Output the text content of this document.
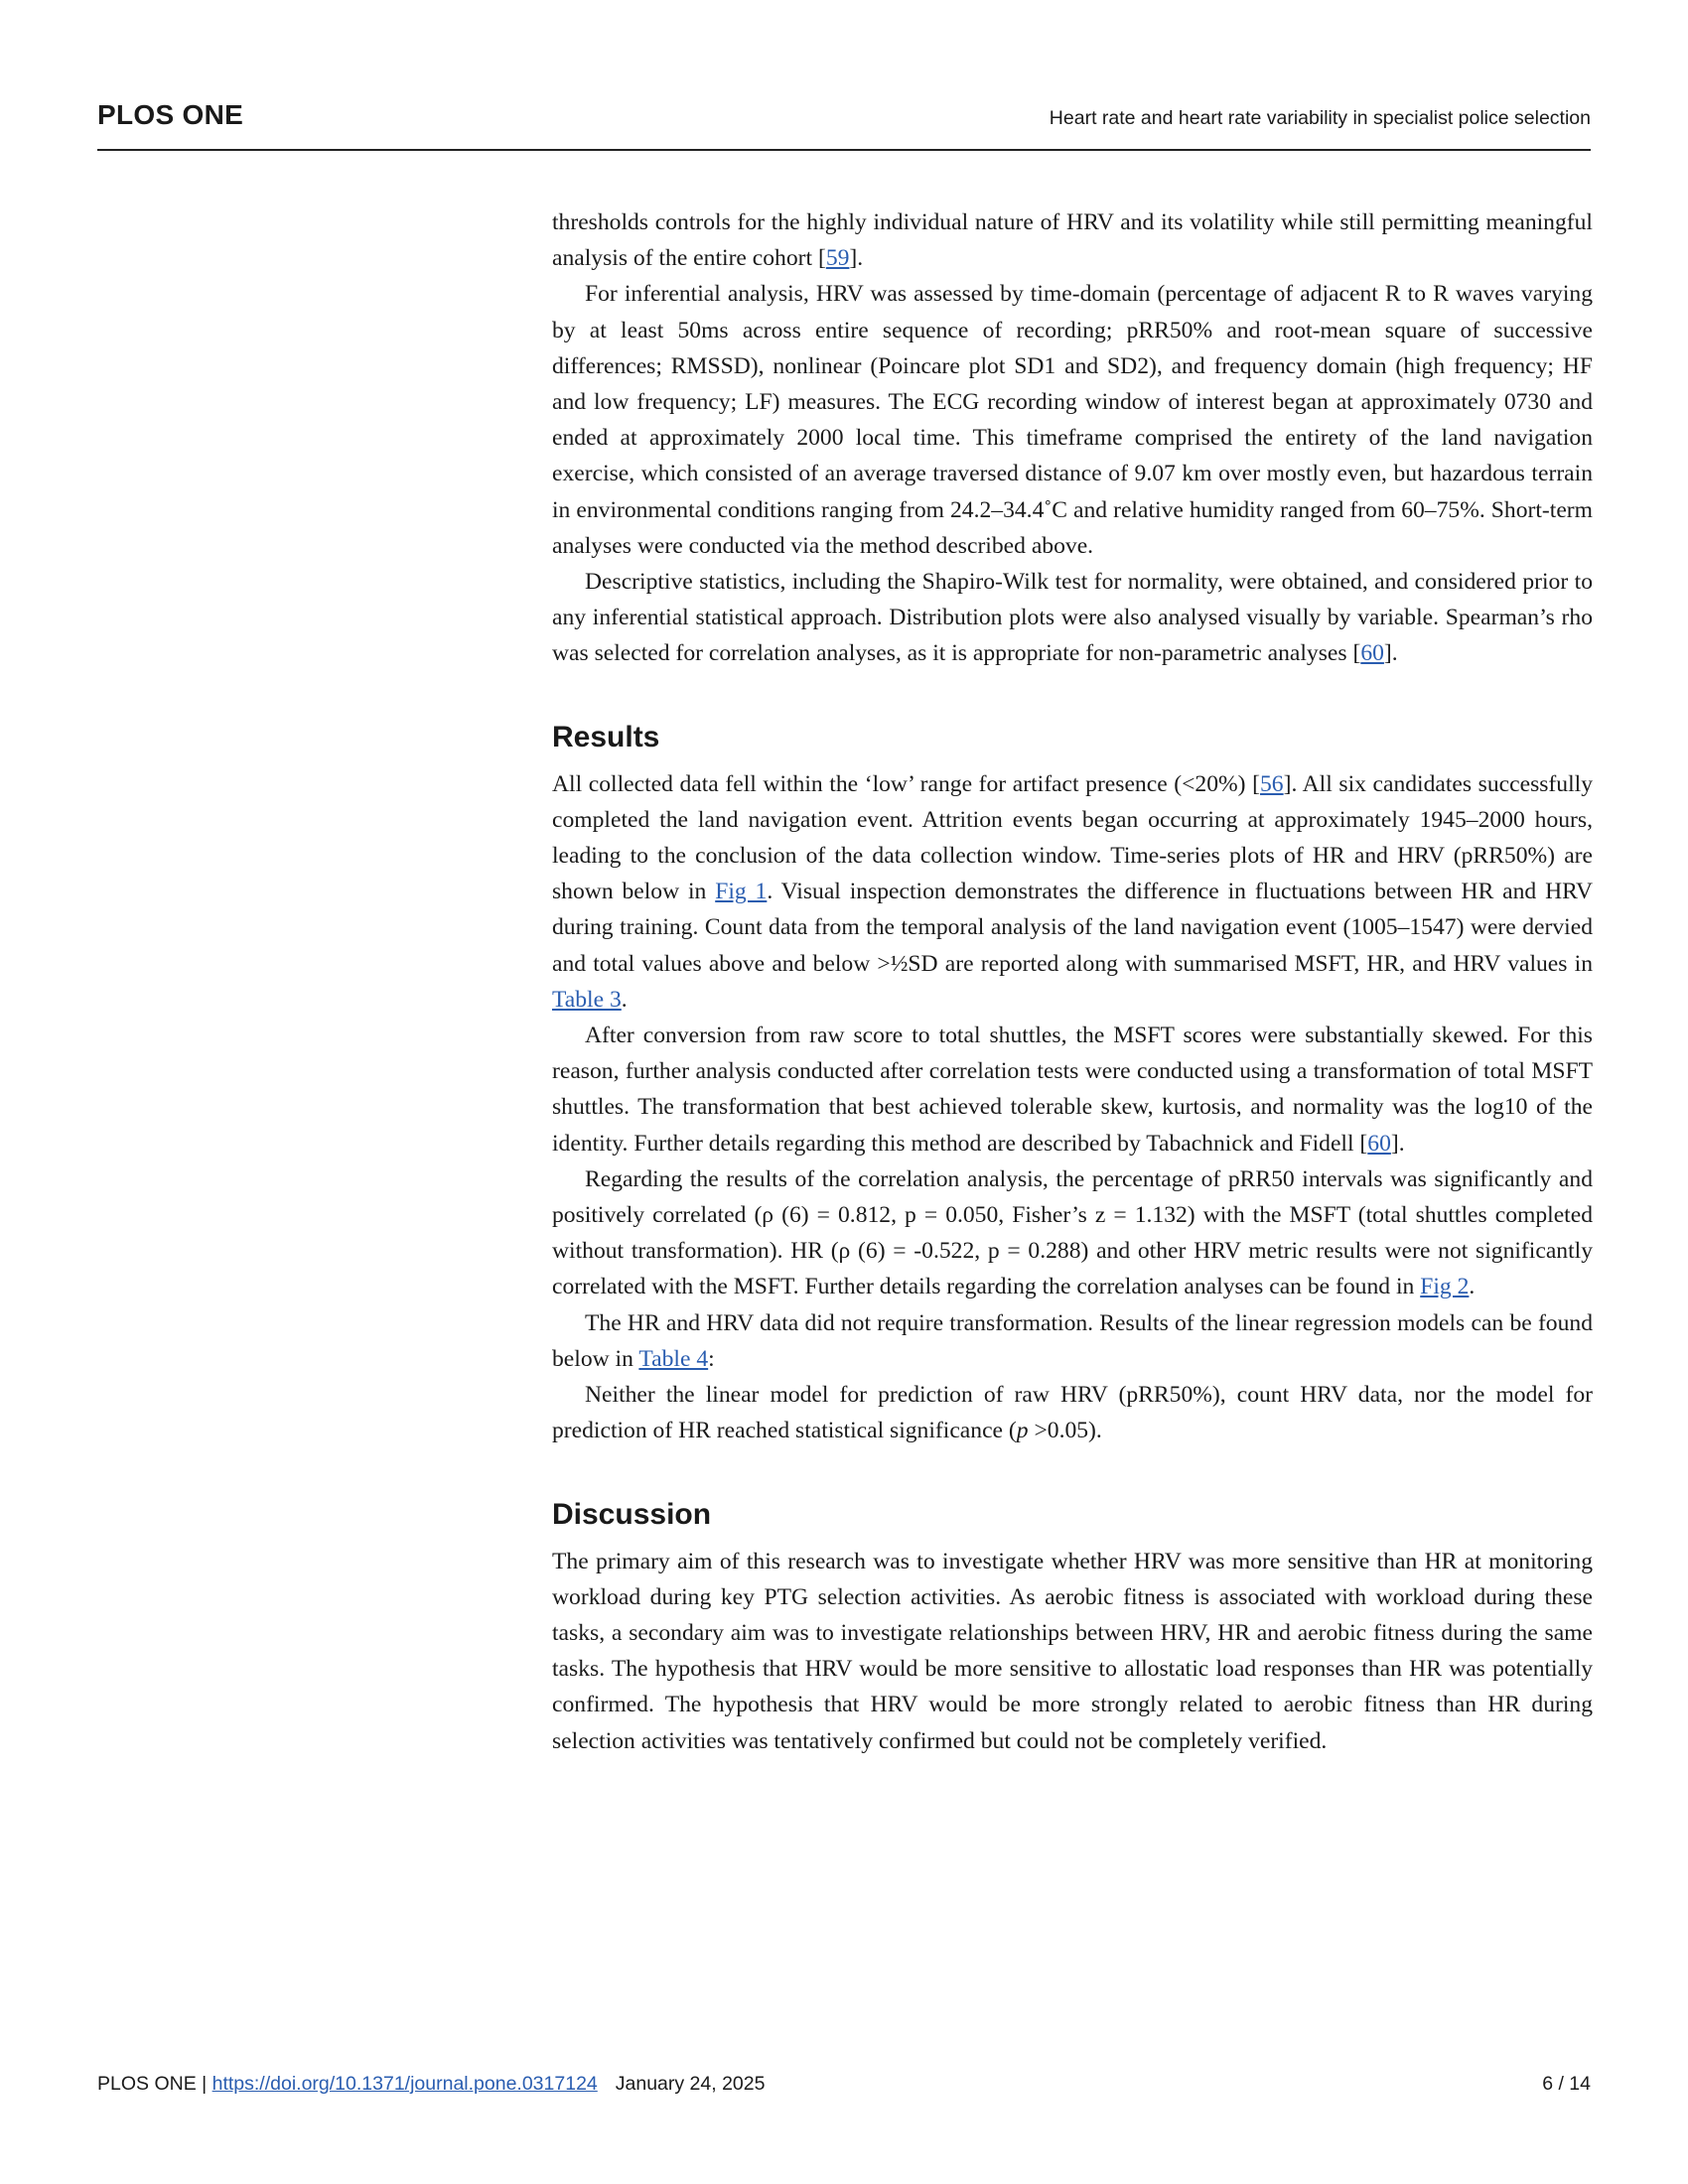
PLOS ONE	Heart rate and heart rate variability in specialist police selection

thresholds controls for the highly individual nature of HRV and its volatility while still permitting meaningful analysis of the entire cohort [59].

For inferential analysis, HRV was assessed by time-domain (percentage of adjacent R to R waves varying by at least 50ms across entire sequence of recording; pRR50% and root-mean square of successive differences; RMSSD), nonlinear (Poincare plot SD1 and SD2), and frequency domain (high frequency; HF and low frequency; LF) measures. The ECG recording window of interest began at approximately 0730 and ended at approximately 2000 local time. This timeframe comprised the entirety of the land navigation exercise, which consisted of an average traversed distance of 9.07 km over mostly even, but hazardous terrain in environmental conditions ranging from 24.2–34.4˚C and relative humidity ranged from 60–75%. Short-term analyses were conducted via the method described above.

Descriptive statistics, including the Shapiro-Wilk test for normality, were obtained, and considered prior to any inferential statistical approach. Distribution plots were also analysed visually by variable. Spearman’s rho was selected for correlation analyses, as it is appropriate for non-parametric analyses [60].

Results

All collected data fell within the ‘low’ range for artifact presence (<20%) [56]. All six candidates successfully completed the land navigation event. Attrition events began occurring at approximately 1945–2000 hours, leading to the conclusion of the data collection window. Time-series plots of HR and HRV (pRR50%) are shown below in Fig 1. Visual inspection demonstrates the difference in fluctuations between HR and HRV during training. Count data from the temporal analysis of the land navigation event (1005–1547) were dervied and total values above and below >½SD are reported along with summarised MSFT, HR, and HRV values in Table 3.

After conversion from raw score to total shuttles, the MSFT scores were substantially skewed. For this reason, further analysis conducted after correlation tests were conducted using a transformation of total MSFT shuttles. The transformation that best achieved tolerable skew, kurtosis, and normality was the log10 of the identity. Further details regarding this method are described by Tabachnick and Fidell [60].

Regarding the results of the correlation analysis, the percentage of pRR50 intervals was significantly and positively correlated (ρ (6) = 0.812, p = 0.050, Fisher’s z = 1.132) with the MSFT (total shuttles completed without transformation). HR (ρ (6) = -0.522, p = 0.288) and other HRV metric results were not significantly correlated with the MSFT. Further details regarding the correlation analyses can be found in Fig 2.

The HR and HRV data did not require transformation. Results of the linear regression models can be found below in Table 4:

Neither the linear model for prediction of raw HRV (pRR50%), count HRV data, nor the model for prediction of HR reached statistical significance (p >0.05).

Discussion

The primary aim of this research was to investigate whether HRV was more sensitive than HR at monitoring workload during key PTG selection activities. As aerobic fitness is associated with workload during these tasks, a secondary aim was to investigate relationships between HRV, HR and aerobic fitness during the same tasks. The hypothesis that HRV would be more sensitive to allostatic load responses than HR was potentially confirmed. The hypothesis that HRV would be more strongly related to aerobic fitness than HR during selection activities was tentatively confirmed but could not be completely verified.

PLOS ONE | https://doi.org/10.1371/journal.pone.0317124 January 24, 2025	6 / 14
